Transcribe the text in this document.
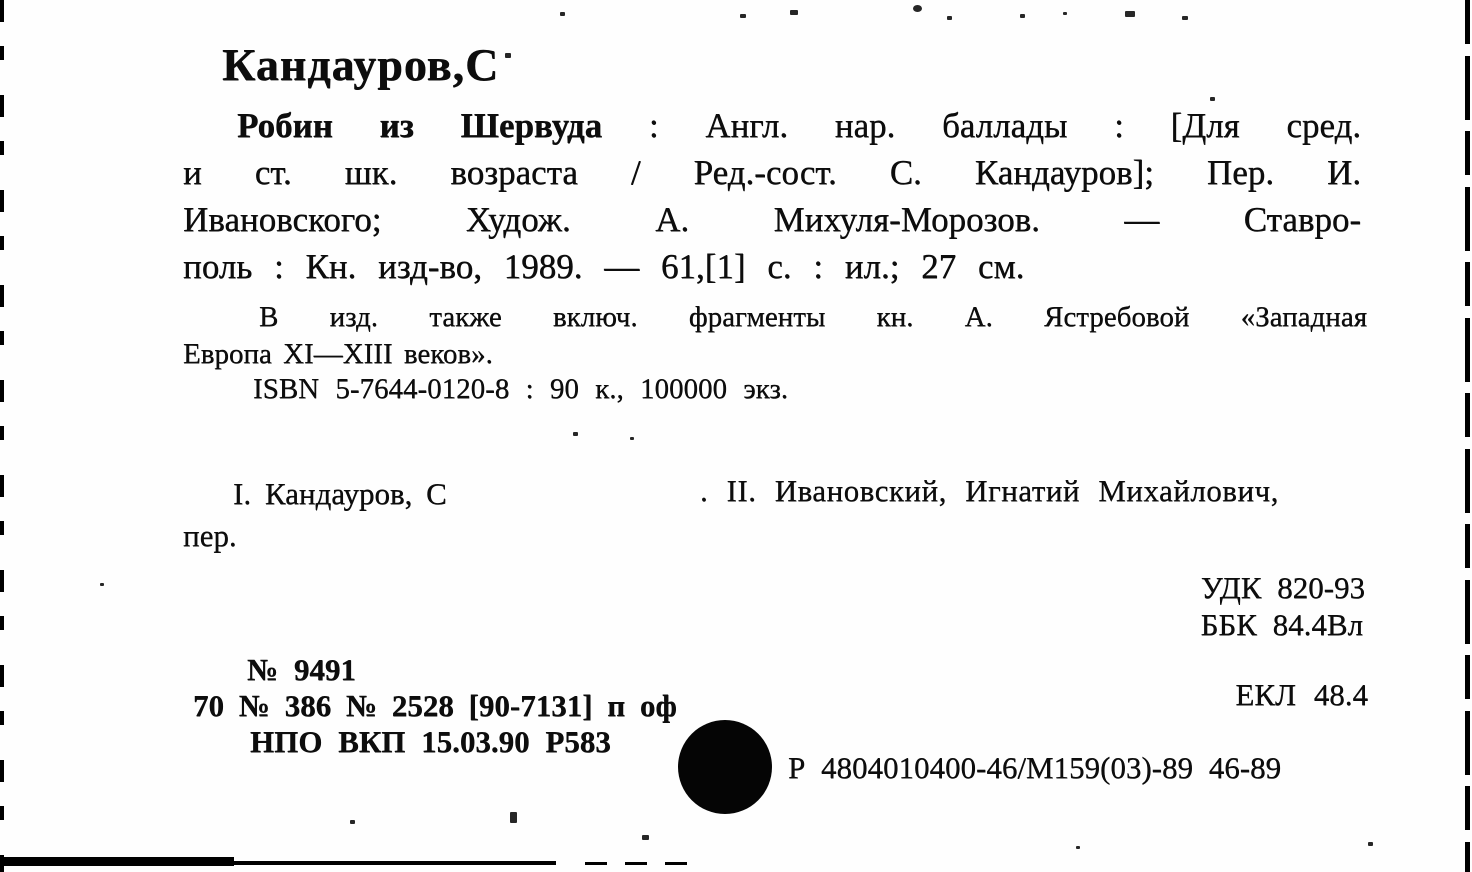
Кандауров,С
Робин из Шервуда : Англ. нар. баллады : [Для сред.
и ст. шк. возраста / Ред.-сост. С. Кандауров]; Пер. И.
Ивановского; Худож. А. Михуля-Морозов. — Ставро-
поль : Кн. изд-во, 1989. — 61,[1] с. : ил.; 27 см.
В изд. также включ. фрагменты кн. А. Ястребовой «Западная
Европа XI—XIII веков».
ISBN 5-7644-0120-8 : 90 к., 100000 экз.
I. Кандауров, С	. II. Ивановский, Игнатий Михайлович,
пер.
УДК 820-93
ББК 84.4Вл
ЕКЛ 48.4
№ 9491
70 № 386 № 2528 [90-7131] п оф
НПО ВКП 15.03.90 Р583
Р 4804010400-46/М159(03)-89 46-89
